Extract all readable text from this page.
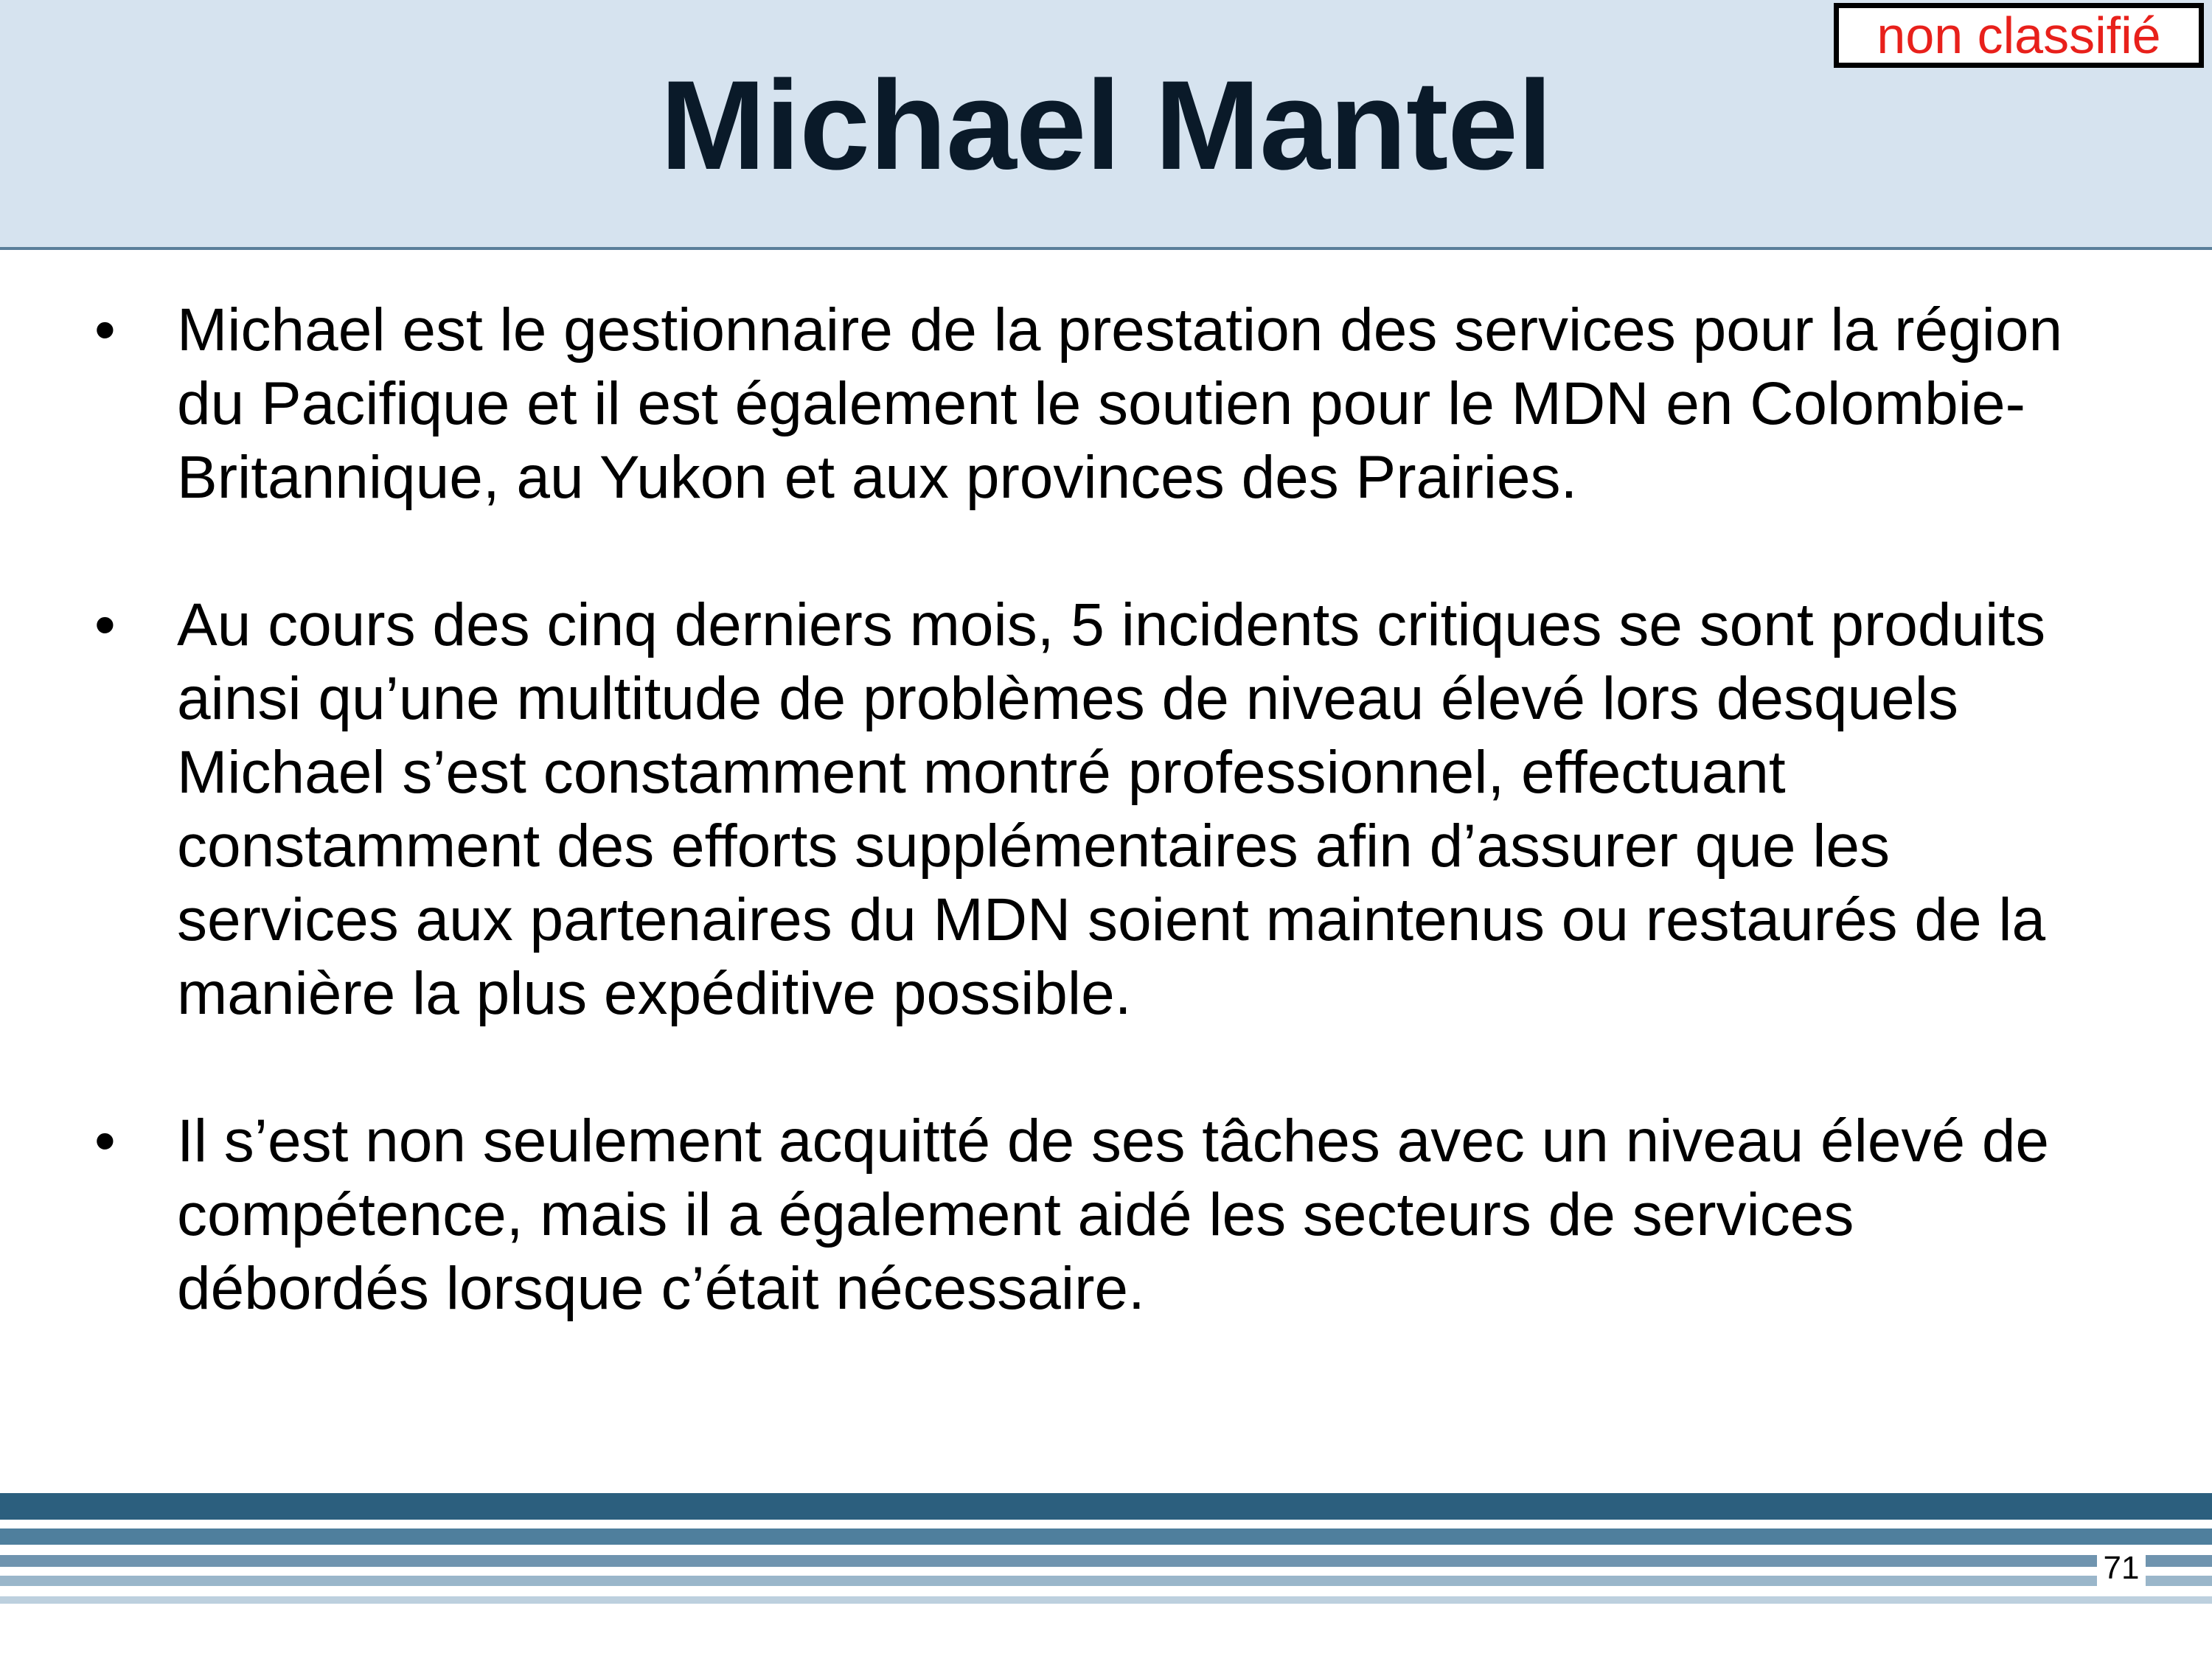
Michael Mantel
non classifié
• Michael est le gestionnaire de la prestation des services pour la région du Pacifique et il est également le soutien pour le MDN en Colombie-Britannique, au Yukon et aux provinces des Prairies.
• Au cours des cinq derniers mois, 5 incidents critiques se sont produits ainsi qu’une multitude de problèmes de niveau élevé lors desquels Michael s’est constamment montré professionnel, effectuant constamment des efforts supplémentaires afin d’assurer que les services aux partenaires du MDN soient maintenus ou restaurés de la manière la plus expéditive possible.
• Il s’est non seulement acquitté de ses tâches avec un niveau élevé de compétence, mais il a également aidé les secteurs de services débordés lorsque c’était nécessaire.
71
